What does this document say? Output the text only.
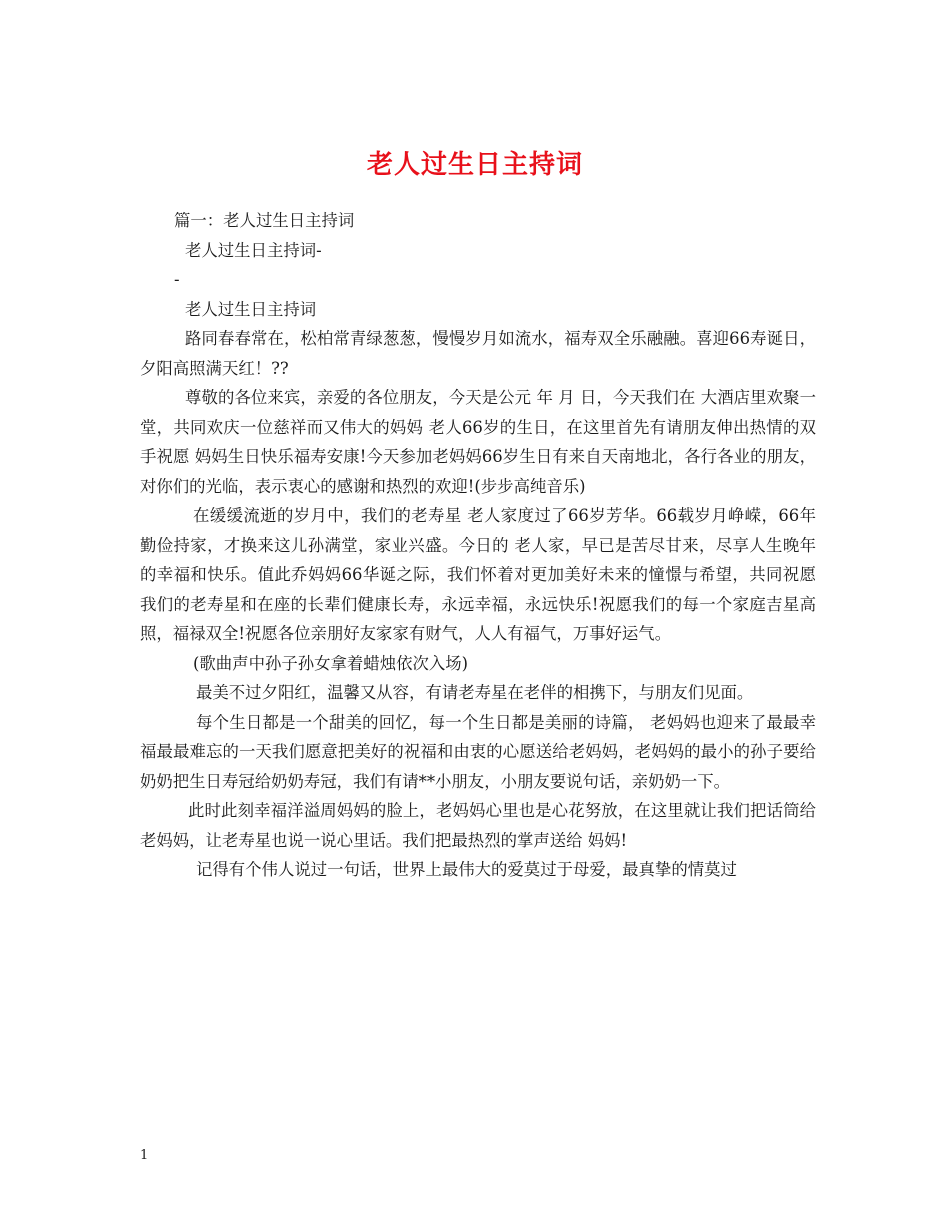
老人过生日主持词

篇一：老人过生日主持词

老人过生日主持词-

-

老人过生日主持词

路同春春常在，松柏常青绿葱葱，慢慢岁月如流水，福寿双全乐融融。喜迎66寿诞日，夕阳高照满天红！??

尊敬的各位来宾，亲爱的各位朋友，今天是公元 年 月 日，今天我们在 大酒店里欢聚一堂，共同欢庆一位慈祥而又伟大的妈妈 老人66岁的生日，在这里首先有请朋友伸出热情的双手祝愿 妈妈生日快乐福寿安康!今天参加老妈妈66岁生日有来自天南地北，各行各业的朋友，对你们的光临，表示衷心的感谢和热烈的欢迎!(步步高纯音乐)

在缓缓流逝的岁月中，我们的老寿星 老人家度过了66岁芳华。66载岁月峥嵘，66年勤俭持家，才换来这儿孙满堂，家业兴盛。今日的 老人家，早已是苦尽甘来，尽享人生晚年的幸福和快乐。值此乔妈妈66华诞之际，我们怀着对更加美好未来的憧憬与希望，共同祝愿我们的老寿星和在座的长辈们健康长寿，永远幸福，永远快乐!祝愿我们的每一个家庭吉星高照，福禄双全!祝愿各位亲朋好友家家有财气，人人有福气，万事好运气。

(歌曲声中孙子孙女拿着蜡烛依次入场)

最美不过夕阳红，温馨又从容，有请老寿星在老伴的相携下，与朋友们见面。

每个生日都是一个甜美的回忆，每一个生日都是美丽的诗篇， 老妈妈也迎来了最最幸福最最难忘的一天我们愿意把美好的祝福和由衷的心愿送给老妈妈，老妈妈的最小的孙子要给奶奶把生日寿冠给奶奶寿冠，我们有请**小朋友，小朋友要说句话，亲奶奶一下。

此时此刻幸福洋溢周妈妈的脸上，老妈妈心里也是心花努放，在这里就让我们把话筒给老妈妈，让老寿星也说一说心里话。我们把最热烈的掌声送给 妈妈!

记得有个伟人说过一句话，世界上最伟大的爱莫过于母爱，最真挚的情莫过

1
